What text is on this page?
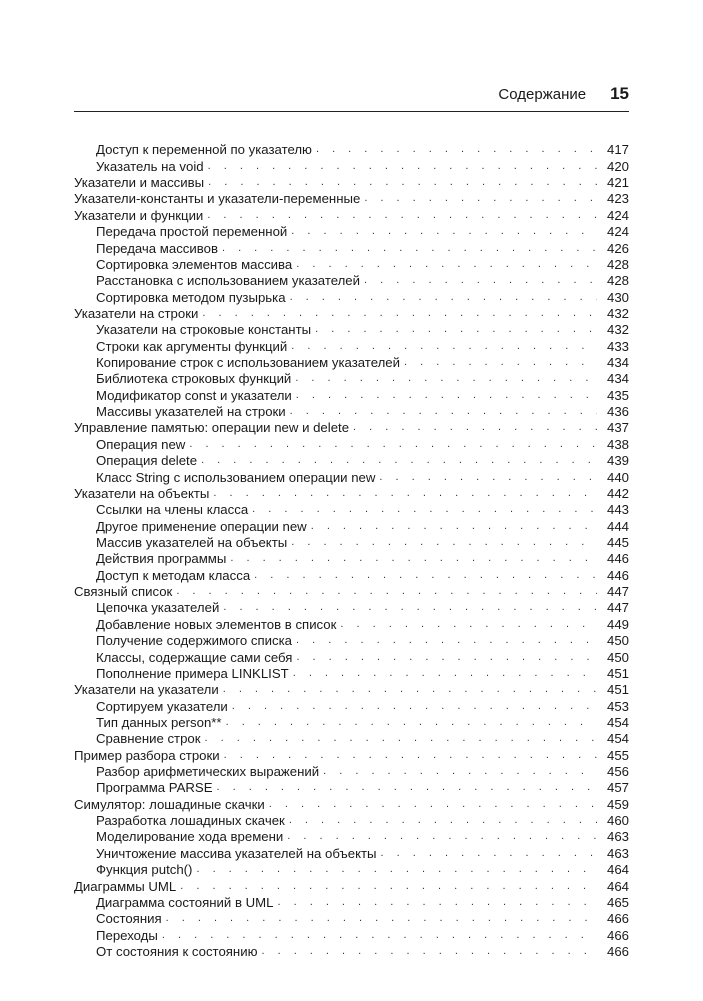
Содержание 15
Доступ к переменной по указателю . . .	417
Указатель на void . . .	420
Указатели и массивы . . .	421
Указатели-константы и указатели-переменные . . .	423
Указатели и функции . . .	424
Передача простой переменной . . .	424
Передача массивов . . .	426
Сортировка элементов массива . . .	428
Расстановка с использованием указателей . . .	428
Сортировка методом пузырька . . .	430
Указатели на строки . . .	432
Указатели на строковые константы . . .	432
Строки как аргументы функций . . .	433
Копирование строк с использованием указателей . . .	434
Библиотека строковых функций . . .	434
Модификатор const и указатели . . .	435
Массивы указателей на строки . . .	436
Управление памятью: операции new и delete . . .	437
Операция new . . .	438
Операция delete . . .	439
Класс String с использованием операции new . . .	440
Указатели на объекты . . .	442
Ссылки на члены класса . . .	443
Другое применение операции new . . .	444
Массив указателей на объекты . . .	445
Действия программы . . .	446
Доступ к методам класса . . .	446
Связный список . . .	447
Цепочка указателей . . .	447
Добавление новых элементов в список . . .	449
Получение содержимого списка . . .	450
Классы, содержащие сами себя . . .	450
Пополнение примера LINKLIST . . .	451
Указатели на указатели . . .	451
Сортируем указатели . . .	453
Тип данных person** . . .	454
Сравнение строк . . .	454
Пример разбора строки . . .	455
Разбор арифметических выражений . . .	456
Программа PARSE . . .	457
Симулятор: лошадиные скачки . . .	459
Разработка лошадиных скачек . . .	460
Моделирование хода времени . . .	463
Уничтожение массива указателей на объекты . . .	463
Функция putch() . . .	464
Диаграммы UML . . .	464
Диаграмма состояний в UML . . .	465
Состояния . . .	466
Переходы . . .	466
От состояния к состоянию . . .	466
